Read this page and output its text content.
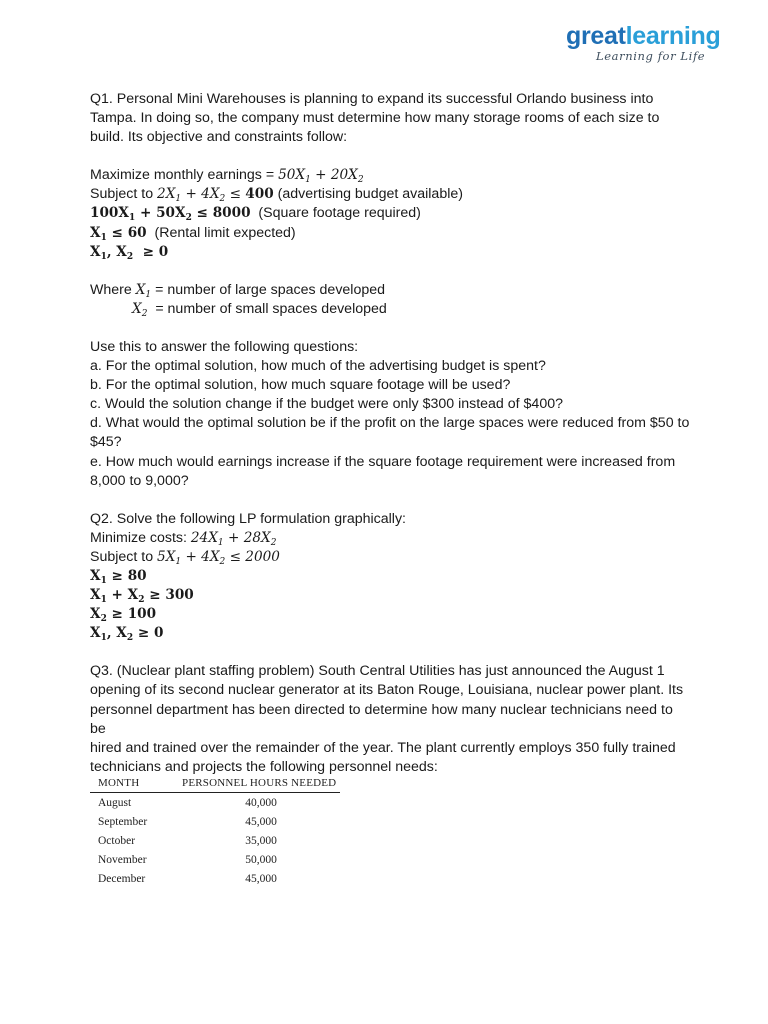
greatlearning
Learning for Life

Q1. Personal Mini Warehouses is planning to expand its successful Orlando business into

Tampa. In doing so, the company must determine how many storage rooms of each size to

build. Its objective and constraints follow:

Maximize monthly earnings = $50X_1 + 20X_2$

Subject to $2X_1 + 4X_2 \le 400$ (advertising budget available)

$100X_1 + 50X_2 \le 8000$ (Square footage required)

$X_1 \le 60$ (Rental limit expected)

$X_1$, $X_2 \ge 0$

Where $X_1$ = number of large spaces developed

$X_2$ = number of small spaces developed

Use this to answer the following questions:

a. For the optimal solution, how much of the advertising budget is spent?

b. For the optimal solution, how much square footage will be used?

c. Would the solution change if the budget were only $300 instead of $400?

d. What would the optimal solution be if the profit on the large spaces were reduced from $50 to

$45?

e. How much would earnings increase if the square footage requirement were increased from

8,000 to 9,000?

Q2. Solve the following LP formulation graphically:

Minimize costs: $24X_1 + 28X_2$

Subject to $5X_1 + 4X_2 \le 2000$

$X_1 \ge 80$

$X_1 + X_2 \ge 300$

$X_2 \ge 100$

$X_1$, $X_2 \ge 0$

Q3. (Nuclear plant staffing problem) South Central Utilities has just announced the August 1

opening of its second nuclear generator at its Baton Rouge, Louisiana, nuclear power plant. Its

personnel department has been directed to determine how many nuclear technicians need to be

hired and trained over the remainder of the year. The plant currently employs 350 fully trained

technicians and projects the following personnel needs:

MONTH	PERSONNEL HOURS NEEDED
August	40,000
September	45,000
October	35,000
November	50,000
December	45,000
